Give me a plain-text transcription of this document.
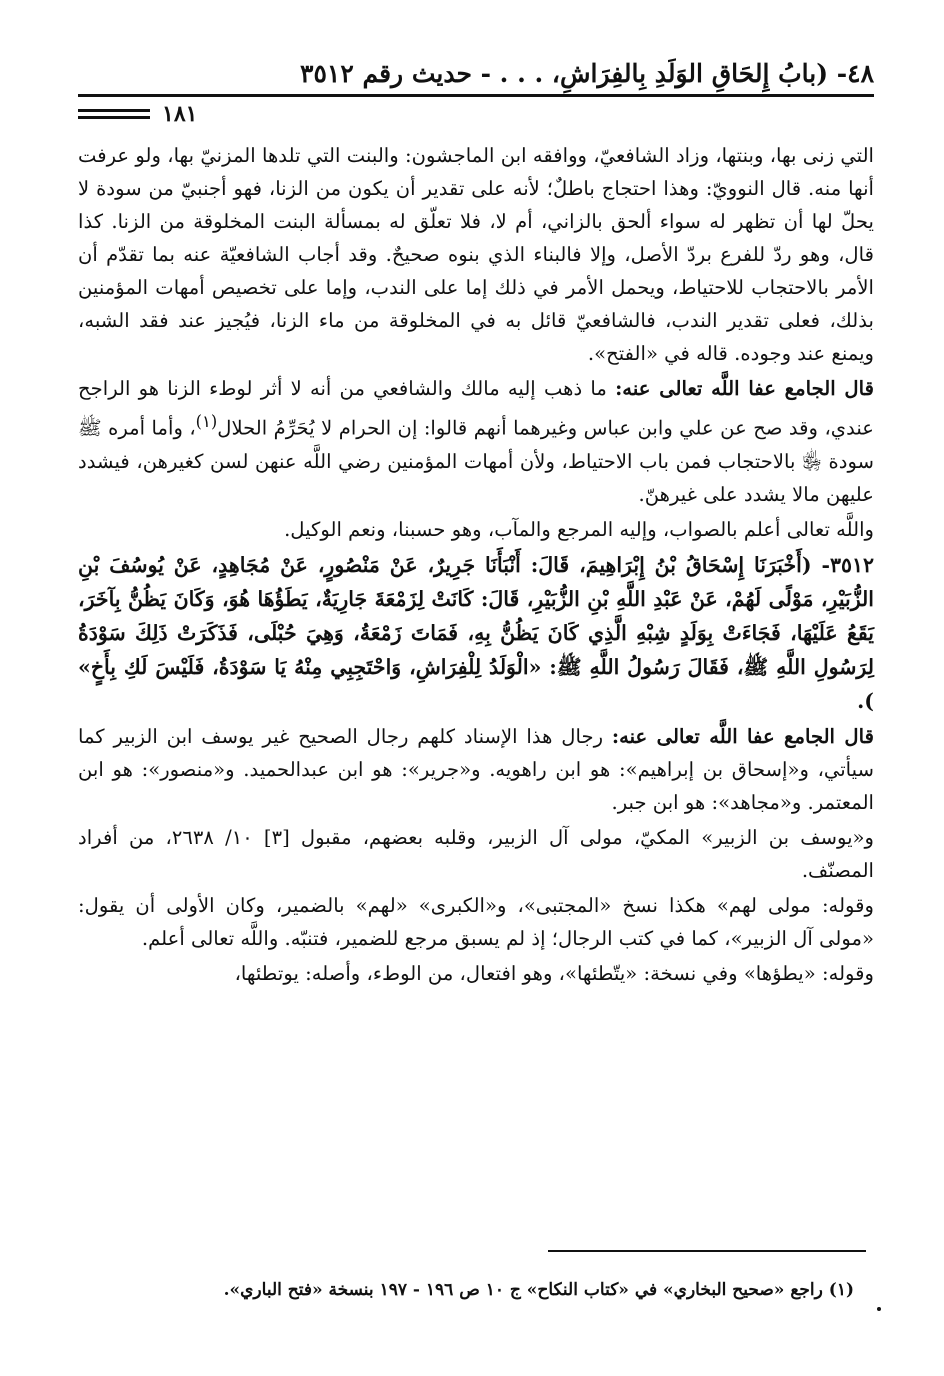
٤٨- (بابُ إِلحَاقِ الوَلَدِ بِالفِرَاشِ، . . . - حديث رقم ٣٥١٢
١٨١

التي زنى بها، وبنتها، وزاد الشافعيّ، ووافقه ابن الماجشون: والبنت التي تلدها المزنيّ بها، ولو عرفت أنها منه. قال النوويّ: وهذا احتجاج باطلٌ؛ لأنه على تقدير أن يكون من الزنا، فهو أجنبيّ من سودة لا يحلّ لها أن تظهر له سواء ألحق بالزاني، أم لا، فلا تعلّق له بمسألة البنت المخلوقة من الزنا. كذا قال، وهو ردّ للفرع بردّ الأصل، وإلا فالبناء الذي بنوه صحيحٌ. وقد أجاب الشافعيّة عنه بما تقدّم أن الأمر بالاحتجاب للاحتياط، ويحمل الأمر في ذلك إما على الندب، وإما على تخصيص أمهات المؤمنين بذلك، فعلى تقدير الندب، فالشافعيّ قائل به في المخلوقة من ماء الزنا، فيُجيز عند فقد الشبه، ويمنع عند وجوده. قاله في «الفتح».

قال الجامع عفا اللَّه تعالى عنه: ما ذهب إليه مالك والشافعي من أنه لا أثر لوطء الزنا هو الراجح عندي، وقد صح عن علي وابن عباس وغيرهما أنهم قالوا: إن الحرام لا يُحَرِّمُ الحلال$^{(١)}$، وأما أمره ﷺ سودة ﵂ بالاحتجاب فمن باب الاحتياط، ولأن أمهات المؤمنين رضي اللَّه عنهن لسن كغيرهن، فيشدد عليهن مالا يشدد على غيرهنّ.

واللَّه تعالى أعلم بالصواب، وإليه المرجع والمآب، وهو حسبنا، ونعم الوكيل.

٣٥١٢- (أَخْبَرَنَا إِسْحَاقُ بْنُ إِبْرَاهِيمَ، قَالَ: أَنْبَأَنَا جَرِيرٌ، عَنْ مَنْصُورٍ، عَنْ مُجَاهِدٍ، عَنْ يُوسُفَ بْنِ الزُّبَيْرِ، مَوْلًى لَهُمْ، عَنْ عَبْدِ اللَّهِ بْنِ الزُّبَيْرِ، قَالَ: كَانَتْ لِزَمْعَةَ جَارِيَةٌ، يَطَؤُهَا هُوَ، وَكَانَ يَظُنُّ بِآخَرَ، يَقَعُ عَلَيْهَا، فَجَاءَتْ بِوَلَدٍ شِبْهِ الَّذِي كَانَ يَظُنُّ بِهِ، فَمَاتَ زَمْعَةُ، وَهِيَ حُبْلَى، فَذَكَرَتْ ذَلِكَ سَوْدَةُ لِرَسُولِ اللَّهِ ﷺ، فَقَالَ رَسُولُ اللَّهِ ﷺ: «الْوَلَدُ لِلْفِرَاشِ، وَاحْتَجِبِي مِنْهُ يَا سَوْدَةُ، فَلَيْسَ لَكِ بِأَخٍ» ).

قال الجامع عفا اللَّه تعالى عنه: رجال هذا الإسناد كلهم رجال الصحيح غير يوسف ابن الزبير كما سيأتي، و«إسحاق بن إبراهيم»: هو ابن راهويه. و«جرير»: هو ابن عبدالحميد. و«منصور»: هو ابن المعتمر. و«مجاهد»: هو ابن جبر.

و«يوسف بن الزبير» المكيّ، مولى آل الزبير، وقلبه بعضهم، مقبول [٣] ١٠/ ٢٦٣٨، من أفراد المصنّف.

وقوله: مولى لهم» هكذا نسخ «المجتبى»، و«الكبرى» «لهم» بالضمير، وكان الأولى أن يقول: «مولى آل الزبير»، كما في كتب الرجال؛ إذ لم يسبق مرجع للضمير، فتنبّه. واللَّه تعالى أعلم.

وقوله: «يطؤها» وفي نسخة: «يتّطئها»، وهو افتعال، من الوطء، وأصله: يوتطئها،

(١) راجع «صحيح البخاري» في «كتاب النكاح» ج ١٠ ص ١٩٦ - ١٩٧ بنسخة «فتح الباري».
